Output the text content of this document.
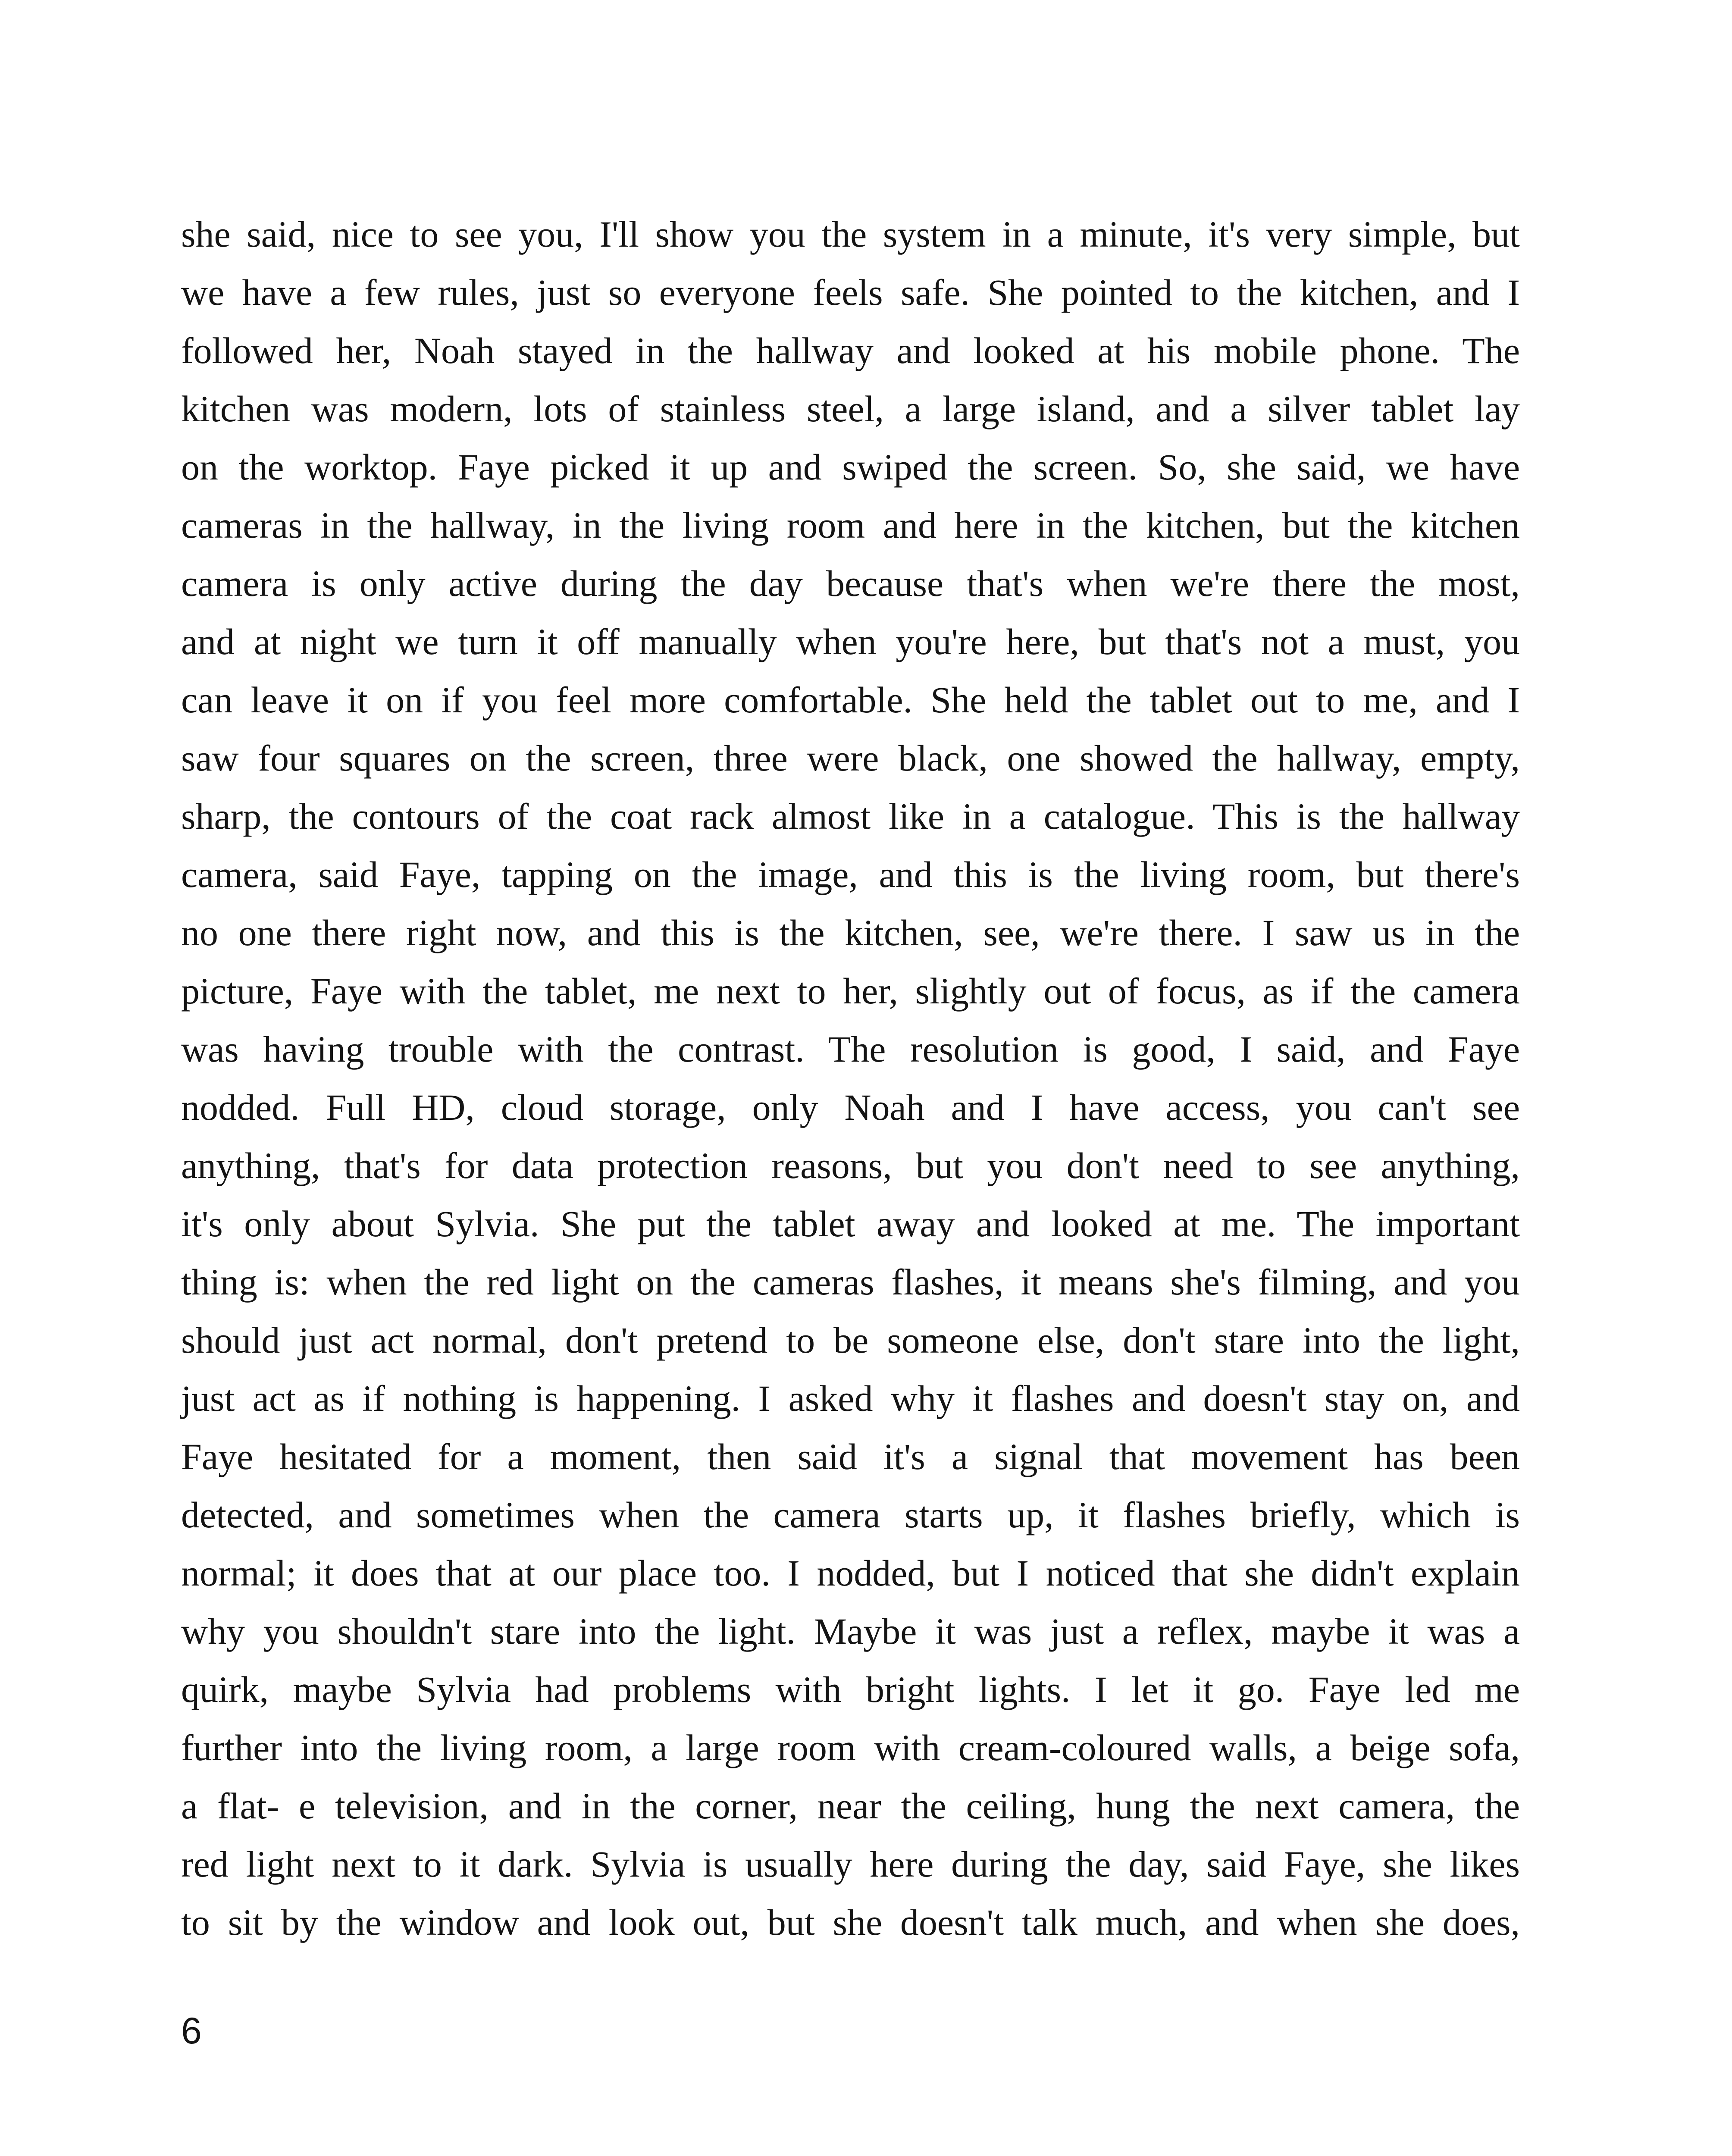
she said, nice to see you, I'll show you the system in a minute, it's very simple, but
we have a few rules, just so everyone feels safe. She pointed to the kitchen, and I
followed her, Noah stayed in the hallway and looked at his mobile phone. The
kitchen was modern, lots of stainless steel, a large island, and a silver tablet lay
on the worktop. Faye picked it up and swiped the screen. So, she said, we have
cameras in the hallway, in the living room and here in the kitchen, but the kitchen
camera is only active during the day because that's when we're there the most,
and at night we turn it off manually when you're here, but that's not a must, you
can leave it on if you feel more comfortable. She held the tablet out to me, and I
saw four squares on the screen, three were black, one showed the hallway, empty,
sharp, the contours of the coat rack almost like in a catalogue. This is the hallway
camera, said Faye, tapping on the image, and this is the living room, but there's
no one there right now, and this is the kitchen, see, we're there. I saw us in the
picture, Faye with the tablet, me next to her, slightly out of focus, as if the camera
was having trouble with the contrast. The resolution is good, I said, and Faye
nodded. Full HD, cloud storage, only Noah and I have access, you can't see
anything, that's for data protection reasons, but you don't need to see anything,
it's only about Sylvia. She put the tablet away and looked at me. The important
thing is: when the red light on the cameras flashes, it means she's filming, and you
should just act normal, don't pretend to be someone else, don't stare into the light,
just act as if nothing is happening. I asked why it flashes and doesn't stay on, and
Faye hesitated for a moment, then said it's a signal that movement has been
detected, and sometimes when the camera starts up, it flashes briefly, which is
normal; it does that at our place too. I nodded, but I noticed that she didn't explain
why you shouldn't stare into the light. Maybe it was just a reflex, maybe it was a
quirk, maybe Sylvia had problems with bright lights. I let it go. Faye led me
further into the living room, a large room with cream-coloured walls, a beige sofa,
a flat- e television, and in the corner, near the ceiling, hung the next camera, the
red light next to it dark. Sylvia is usually here during the day, said Faye, she likes
to sit by the window and look out, but she doesn't talk much, and when she does,
6
